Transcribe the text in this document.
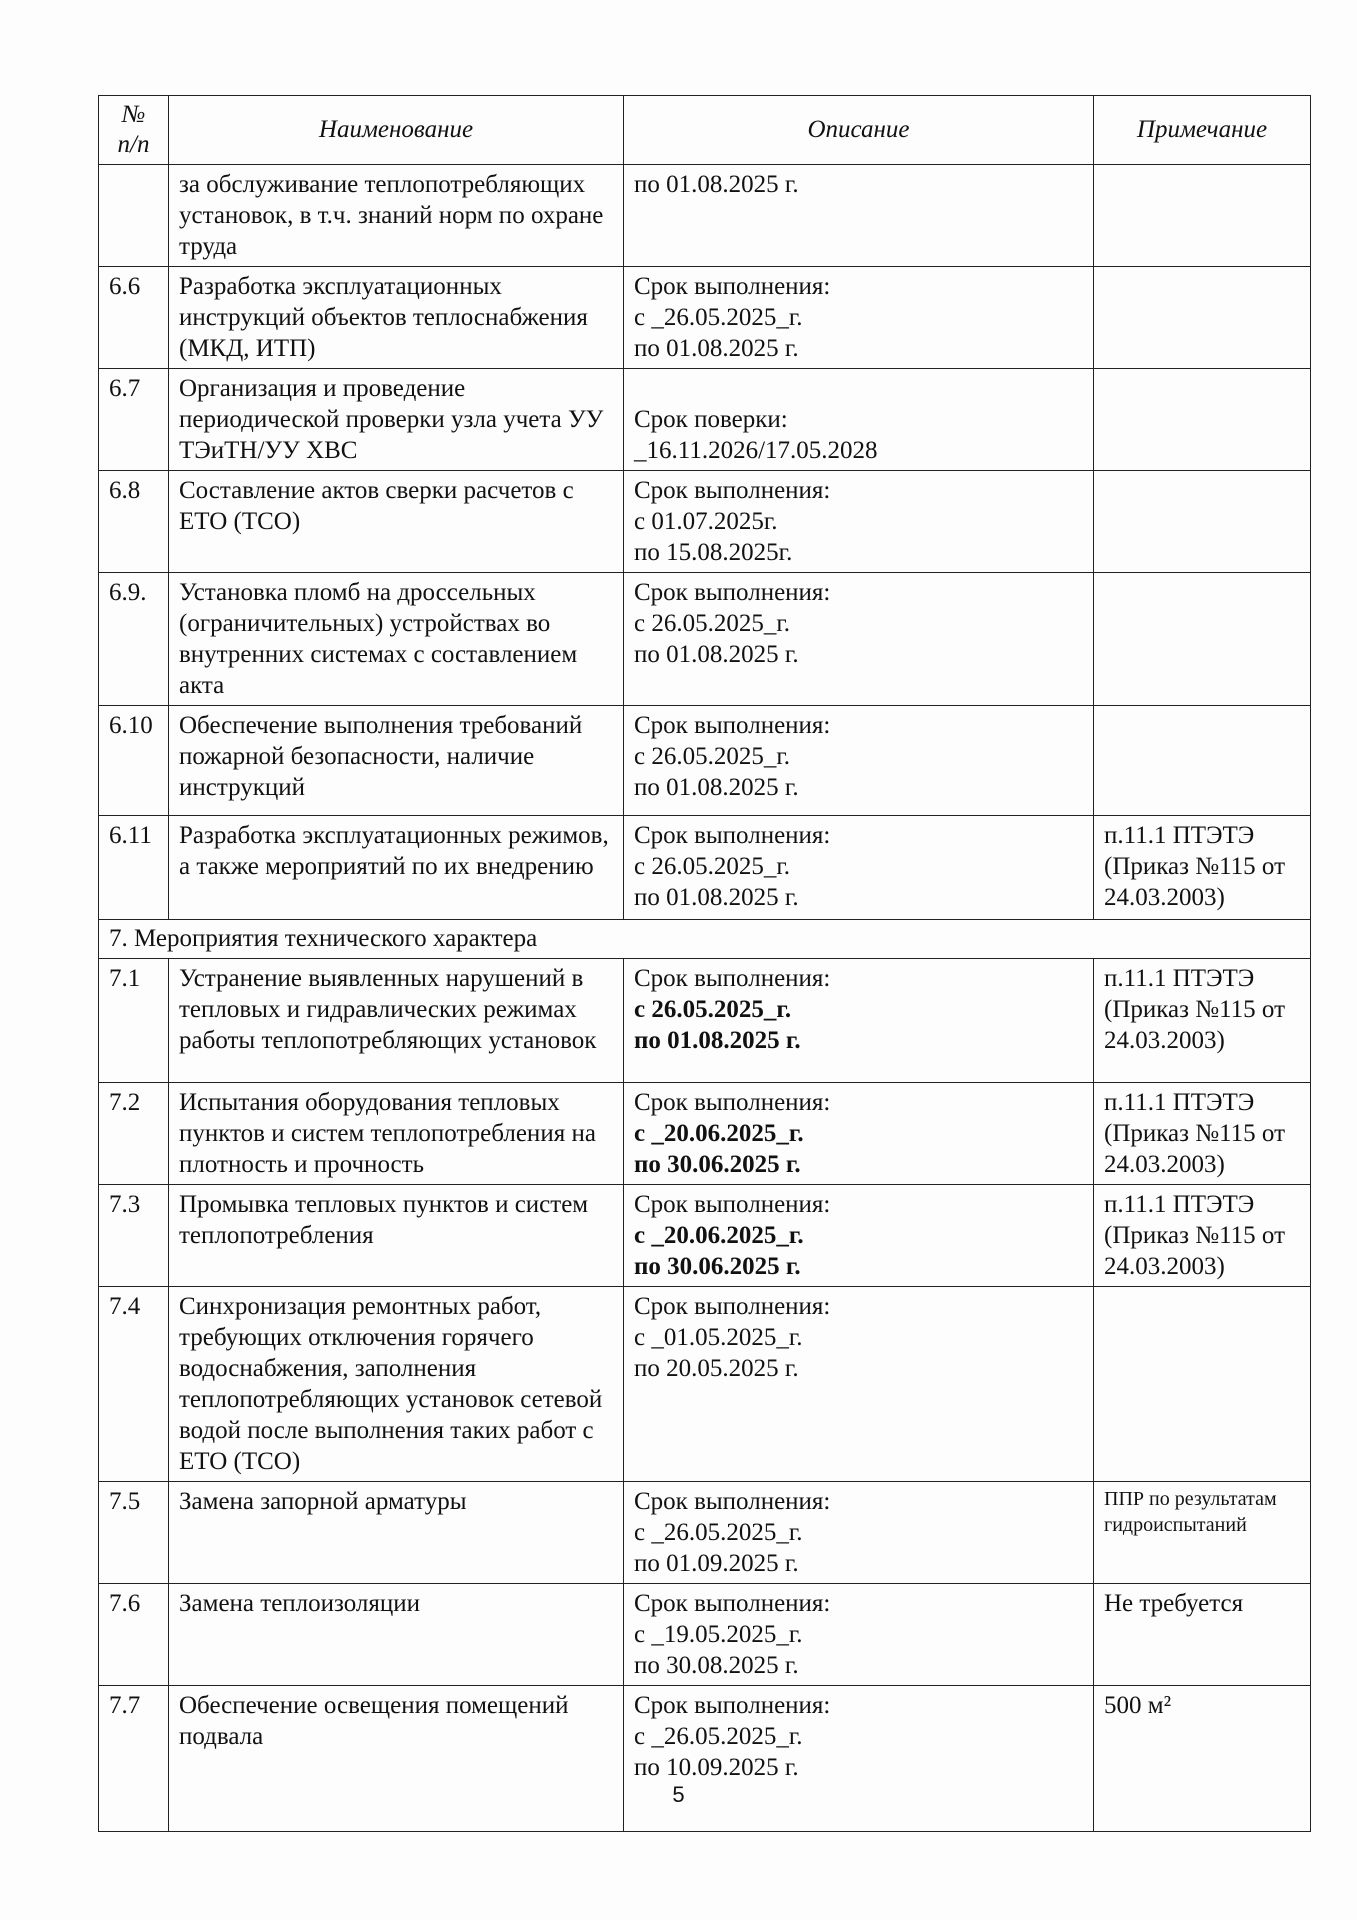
№ п/п	Наименование	Описание	Примечание
	за обслуживание теплопотребляющих установок, в т.ч. знаний норм по охране труда	по 01.08.2025 г.	

6.6	Разработка эксплуатационных инструкций объектов теплоснабжения (МКД, ИТП)	Срок выполнения:
с _26.05.2025_г.
по 01.08.2025 г.	

6.7	Организация и проведение периодической проверки узла учета УУ ТЭиТН/УУ ХВС	Срок поверки:
_16.11.2026/17.05.2028	

6.8	Составление актов сверки расчетов с ЕТО (ТСО)	Срок выполнения:
с 01.07.2025г.
по 15.08.2025г.	

6.9.	Установка пломб на дроссельных (ограничительных) устройствах во внутренних системах с составлением акта	Срок выполнения:
с 26.05.2025_г.
по 01.08.2025 г.	

6.10	Обеспечение выполнения требований пожарной безопасности, наличие инструкций	Срок выполнения:
с 26.05.2025_г.
по 01.08.2025 г.	

6.11	Разработка эксплуатационных режимов, а также мероприятий по их внедрению	Срок выполнения:
с 26.05.2025_г.
по 01.08.2025 г.	п.11.1 ПТЭТЭ (Приказ №115 от 24.03.2003)
7. Мероприятия технического характера			
7.1	Устранение выявленных нарушений в тепловых и гидравлических режимах работы теплопотребляющих установок	Срок выполнения:
с 26.05.2025_г.
по 01.08.2025 г.	п.11.1 ПТЭТЭ (Приказ №115 от 24.03.2003)
7.2	Испытания оборудования тепловых пунктов и систем теплопотребления на плотность и прочность	Срок выполнения:
с _20.06.2025_г.
по 30.06.2025 г.	п.11.1 ПТЭТЭ (Приказ №115 от 24.03.2003)
7.3	Промывка тепловых пунктов и систем теплопотребления	Срок выполнения:
с _20.06.2025_г.
по 30.06.2025 г.	п.11.1 ПТЭТЭ (Приказ №115 от 24.03.2003)
7.4	Синхронизация ремонтных работ, требующих отключения горячего водоснабжения, заполнения теплопотребляющих установок сетевой водой после выполнения таких работ с ЕТО (ТСО)	Срок выполнения:
с _01.05.2025_г.
по 20.05.2025 г.	

7.5	Замена запорной арматуры	Срок выполнения:
с _26.05.2025_г.
по 01.09.2025 г.	ППР по результатам гидроиспытаний
7.6	Замена теплоизоляции	Срок выполнения:
с _19.05.2025_г.
по 30.08.2025 г.	Не требуется
7.7	Обеспечение освещения помещений подвала	Срок выполнения:
с _26.05.2025_г.
по 10.09.2025 г.	500 м²
5
